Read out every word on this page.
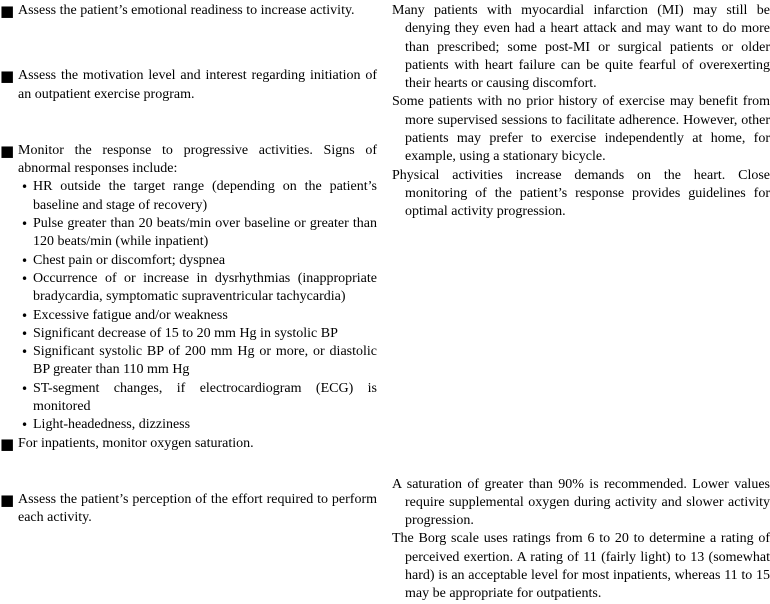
■ Assess the patient’s emotional readiness to increase activity.
■ Assess the motivation level and interest regarding initiation of an outpatient exercise program.
■ Monitor the response to progressive activities. Signs of abnormal responses include:
• HR outside the target range (depending on the patient’s baseline and stage of recovery)
• Pulse greater than 20 beats/min over baseline or greater than 120 beats/min (while inpatient)
• Chest pain or discomfort; dyspnea
• Occurrence of or increase in dysrhythmias (inappropriate bradycardia, symptomatic supraventricular tachycardia)
• Excessive fatigue and/or weakness
• Significant decrease of 15 to 20 mm Hg in systolic BP
• Significant systolic BP of 200 mm Hg or more, or diastolic BP greater than 110 mm Hg
• ST-segment changes, if electrocardiogram (ECG) is monitored
• Light-headedness, dizziness
■ For inpatients, monitor oxygen saturation.
■ Assess the patient’s perception of the effort required to perform each activity.

Many patients with myocardial infarction (MI) may still be denying they even had a heart attack and may want to do more than prescribed; some post-MI or surgical patients or older patients with heart failure can be quite fearful of overexerting their hearts or causing discomfort.

Some patients with no prior history of exercise may benefit from more supervised sessions to facilitate adherence. However, other patients may prefer to exercise independently at home, for example, using a stationary bicycle.

Physical activities increase demands on the heart. Close monitoring of the patient’s response provides guidelines for optimal activity progression.

A saturation of greater than 90% is recommended. Lower values require supplemental oxygen during activity and slower activity progression.

The Borg scale uses ratings from 6 to 20 to determine a rating of perceived exertion. A rating of 11 (fairly light) to 13 (somewhat hard) is an acceptable level for most inpatients, whereas 11 to 15 may be appropriate for outpatients.
